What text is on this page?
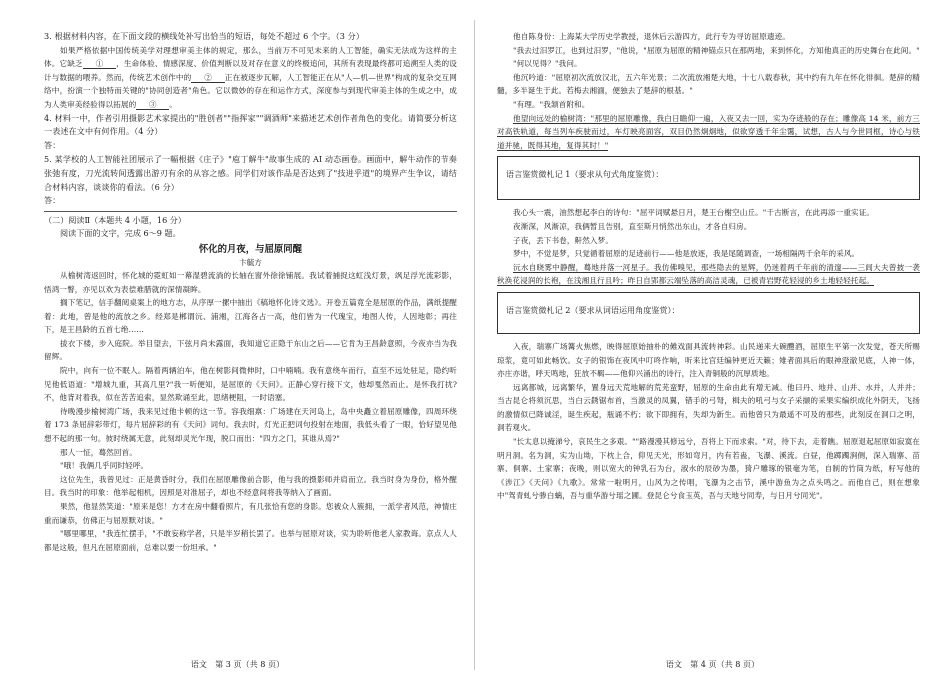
3. 根据材料内容，在下面文段的横线处补写出恰当的短语，每处不超过 6 个字。（3 分）

如果严格依据中国传统美学对理想审美主体的规定，那么，当前万不可见未来的人工智能，确实无法成为这样的主体。它缺乏 ① ，生命体验、情感深度、价值判断以及对存在意义的终极追问，其所有表现最终都可追溯至人类的设计与数据的喂养。然而，传统艺术创作中的 ② 正在被逐步瓦解，人工智能正在从"人—机—世界"构成的复杂交互网络中，扮演一个独特而关键的"协同创造者"角色。它以微妙的存在和运作方式，深度参与到现代审美主体的生成之中，成为人类审美经验得以拓展的 ③ 。

4. 材料一中，作者引用摄影艺术家提出的"胜创者""指挥家""调酒师"来描述艺术创作者角色的变化。请简要分析这一表述在文中有何作用。（4 分）
答：
5. 某学校的人工智能社团展示了一幅根据《庄子》"庖丁解牛"故事生成的 AI 动态画卷。画面中，解牛动作的节奏张弛有度，刀光流转间透露出游刃有余的从容之感。同学们对该作品是否达到了"技进乎道"的境界产生争议，请结合材料内容，谈谈你的看法。（6 分）
答：
（二）阅读Ⅱ（本题共 4 小题，16 分）
阅读下面的文字，完成 6～9 题。
怀化的月夜，与屈原同醒
卞毓方

从榆树湾返回时，怀化城的霓虹如一幕湿碧流淌的长轴在窗外徐徐铺展。我试着捕捉这虹浅灯景，飒足浮光流彩影，悟鸿一瞥，亦见以欢为表偿难腊就的深情凝眸。

搁下笔记，信手翻阅桌案上的地方志，从序厚一摞中抽出《稿地怀化诗文选》。开卷五篇竟全是屈原的作品，满纸提醒着：此地，曾是他的流放之乡。经郑是郴谓沅、浦湘，江海各占一高，他们皆为一代瑰宝，地图人传，人因地彰；再往下，是王昌龄的五首七绝……

拔衣下楼，步入庭院。举目望去，下弦月尚未露面，我知道它正隐于东山之后——它肯为王昌龄意照，今夜亦当为我留辉。

院中，向有一位不眠人。隔着两辆泊车，他在树影间微伸时，口中喃喃。我有意绕车而行，直至不远处驻足，隐约听见他低语道："增城九重，其高几里?"我一听便知，是屈原的《天问》。正静心穿行接下文，他却戛然而止。是怀我打扰?不，他背对着我，似在苦苦追索，显然欺诵至此，思绪梗阻，一时语塞。

待晚漫步榆树湾广场，我来见过他卡顿的这一节。容我细禀：广场建在天河岛上，岛中央矗立着屈原雕像，四周环绕着 173 条屈辞彩带灯，每片屈辞彩的有《天问》词句。我去时，灯光正把词句投射在地面，我低头看了一眼，恰好望见他想不起的那一句。彼时绕属无意，此刻却灵光乍现，脱口而出："四方之门，其谁从焉?"

那人一怔，蓦然回首。

"哦！我俩几乎同时轻呼。

这位先生，我曾见过：正是黄昏时分，我们在屈原雕像前合影，他与我的摄影师并肩而立。我当时身为身份，格外醒目。我当时的印象：他举起相机，因照是对准屈子，却也不经意间将我等纳入了画面。

果然，他显然笑道："原来是您！方才在房中翻看照片，有几张恰有您的身影。您被众人簇拥，一派学者风范，神情庄重而谦恭，仿佛正与屈原默对谈。"

"哪里哪里，"我连忙摆手，"不敢妄称学者，只是半岁稍长罢了。也举与屈原对谈，实为聆听他老人家教诲。京点人人都是这般，但凡在屈原面前，总难以要一份坦承。"

语文　第 3 页（共 8 页）

他自陈身份：上海某大学历史学教授，退休后云游四方，此行专为寻访屈原遗迹。

"我去过汨罗江，也到过汨罗，"他说，"屈原为屈原的精神锚点只在那两地，来到怀化，方知他真正的历史舞台在此间。"

"何以见得？"我问。

他沉吟道："屈原初次流放汉北，五六年光景；二次流放湘楚大地，十七八载春秋，其中约有九年在怀化徘徊。楚辞的精髓，多半诞生于此。若梅去湘湎，便独去了楚辞的根基。"

"有理。"我颔首附和。

他望向远处的榆树湾："那里的屈原雕像，我白日瞻仰一遍，入夜又去一回，实为夺迹般的存在；雕像高 14 米，前方三对高铁轨道，每当列车疾驶而过，车灯映亮面容，双目仍然炯炯地，似欲穿透千年尘霭，试想，古人与今世同框，诗心与铁道并驰，既得其地，复得其时！"

语言鉴赏微札记 1（要求从句式角度鉴赏）：

我心头一震，油然想起李白的诗句："屈平词赋悬日月，楚王台榭空山丘。"千古断言，在此再添一重实证。

夜渐深，风渐凉，我俩暂且告别，直至斯月悄然出东山，才各自归房。

子夜，丢下书卷，鼾然入梦。

梦中，不觉是梦，只觉循着屈原的足迹前行——他是放逐，我是尾随调查，一场相隔两千余年的采风。

沅水自晓雾中静醒，蓦地并落一河星子。我仿佛嗅见，那些隐去的星辉，仍迷着两千年前的清邃——三闾大夫曾披一袭秋涣花浸润的长袍，在浅湘且行且吟；昨日自郢都云端坠落的高洁灵魂，已被青岩野花轻浸的乡土地轻轻托起。

语言鉴赏微札记 2（要求从词语运用角度鉴赏）：

入夜，瑞寨广场篝火焦燃，映得屈原始抽朴的傩戏面具流转神彩。山民递来大碗醴酒，屈原生平第一次发觉，苍天所赐琼浆，竟可如此畅饮。女子的银饰在夜风中叮咚作响，听来比宫廷编钟更近天籁；雉者面具后的眼神澄澈见底，人神一体，亦庄亦谐，呼天鸣地，狂放不羁——他仰兴涌出的诗行，注入青铜般的沉厚质地。

远离都城，远离繁华，置身远天荒地解的荒芜蛮野，屈原的生命由此有增无减。他曰丹、地并、山并、水并，人并并；当古昆仑将须沉思，当白云銹锯布首，当激灵的凤翼，错手的弓弩，楫夫的吼弓与女子采撷的采果实编织成化外阴天，飞扬的激情似已降诚淫，诞生疾起，瓶诵不朽；欲下即拥有，失却为新生。而他曾只为最遥不可及的那些，此刻反在洞口之明，洞若观火。

"长太息以掩涕兮，哀民生之多艰。""路漫漫其修远兮，吾将上下而求索。"对，待下去，走着瞧。屈原退起屈原如寂寞在明月洞。名为洞，实为山坳，下枕上合，仰见天光，形如弯月，内有若蛊，飞瀑、溪流。白昼，他踯躅涧侧，深入瑞寨、苗寨、侗寨、土家寨；夜晚，则以宽大的钟乳石为台，淑水的辰砂为墨，猗户雕琢的银毫为笔，自制的竹筒为纸，籽写他的《涉江》《天问》《九歌》。常常一啦明月，山风为之传唱，飞瀑为之击节，溪中游鱼为之点头鸣之。而他自己，则在想象中"驾青虬兮骖白螭，吾与重华游兮瑶之圃。登昆仑兮食玉英，吾与天地兮同寿，与日月兮同光"。

语文　第 4 页（共 8 页）
